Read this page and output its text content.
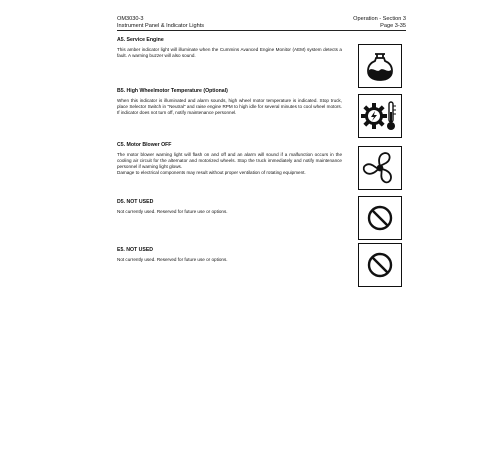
OM3030-3
Instrument Panel & Indicator Lights
Operation - Section 3
Page 3-35

A5. Service Engine

This amber indicator light will illuminate when the Cummins Avanced Engine Monitor (AEM) system detects a fault. A warning buzzer will also sound.

B5. High Wheelmotor Temperature (Optional)

When this indicator is illuminated and alarm sounds, high wheel motor temperature is indicated. Stop truck, place Selector Switch in "Neutral" and raise engine RPM to high idle for several minutes to cool wheel motors. If indicator does not turn off, notify maintenance personnel.

C5. Motor Blower OFF

The motor blower warning light will flash on and off and an alarm will sound if a malfunction occurs in the cooling air circuit for the alternator and motorized wheels. Stop the truck immediately and notify maintenance personnel if warning light glows.

Damage to electrical components may result without proper ventilation of rotating equipment.

D5. NOT USED

Not currently used. Reserved for future use or options.

E5. NOT USED

Not currently used. Reserved for future use or options.
